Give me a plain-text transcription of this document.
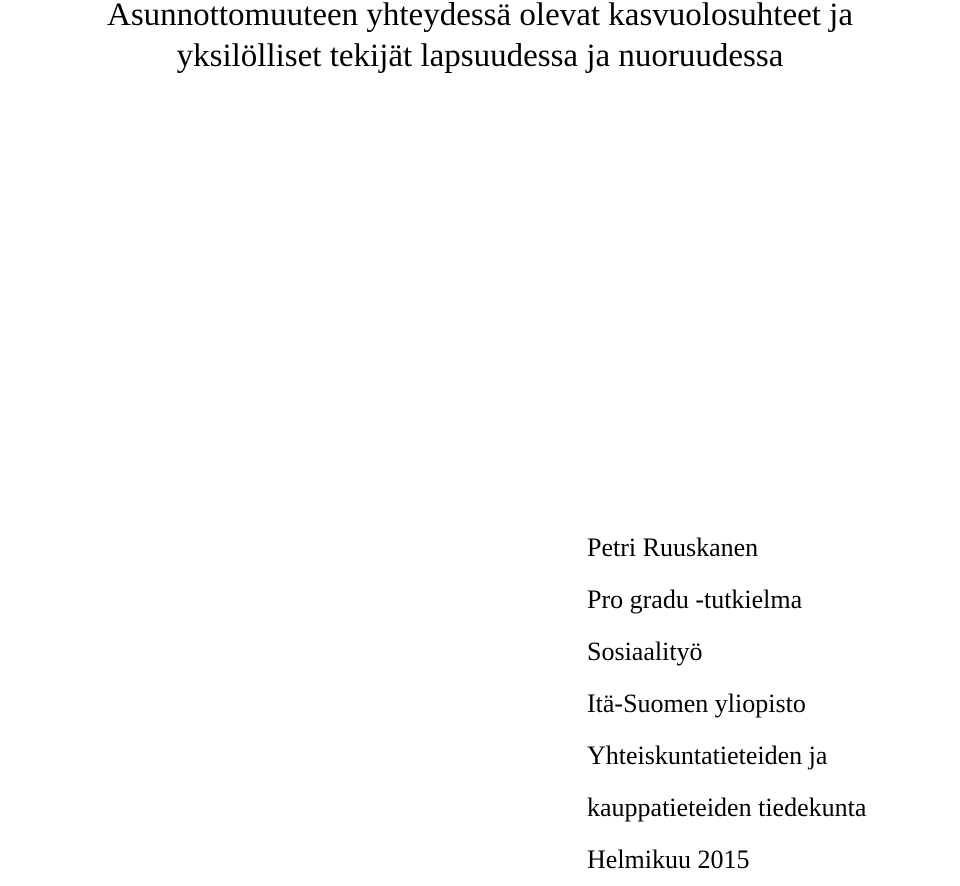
Asunnottomuuteen yhteydessä olevat kasvuolosuhteet ja
yksilölliset tekijät lapsuudessa ja nuoruudessa

Petri Ruuskanen

Pro gradu -tutkielma

Sosiaalityö

Itä-Suomen yliopisto

Yhteiskuntatieteiden ja

kauppatieteiden tiedekunta

Helmikuu 2015
